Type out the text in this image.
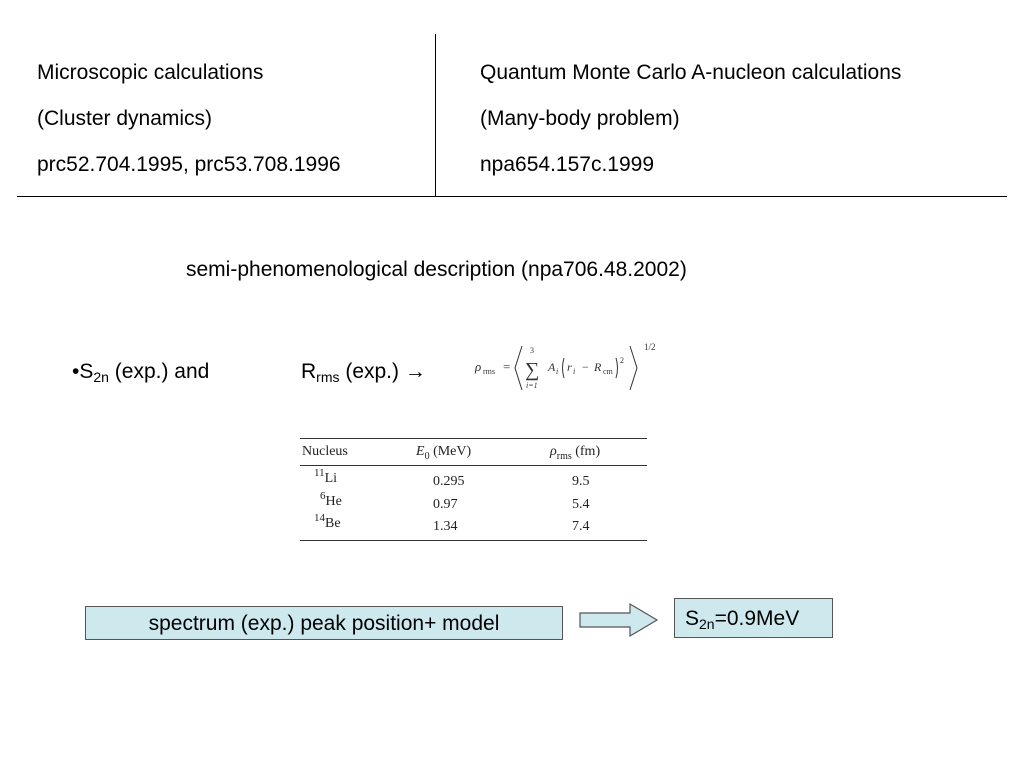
Microscopic calculations
(Cluster dynamics)
prc52.704.1995, prc53.708.1996
Quantum Monte Carlo A-nucleon calculations
(Many-body problem)
npa654.157c.1999
semi-phenomenological description (npa706.48.2002)
$•S_{2n}$ (exp.) and	$R_{rms}$ (exp.) →	ρ rms = ∑
3
i=1
A i r i − R cm
2
1/2
Nucleus	$E_0$ (MeV)	$\rho_{rms}$ (fm)
$^{11}$Li	0.295	9.5
$^6$He	0.97	5.4
$^{14}$Be	1.34	7.4
spectrum (exp.) peak position+ model	$S_{2n}=0.9MeV$
